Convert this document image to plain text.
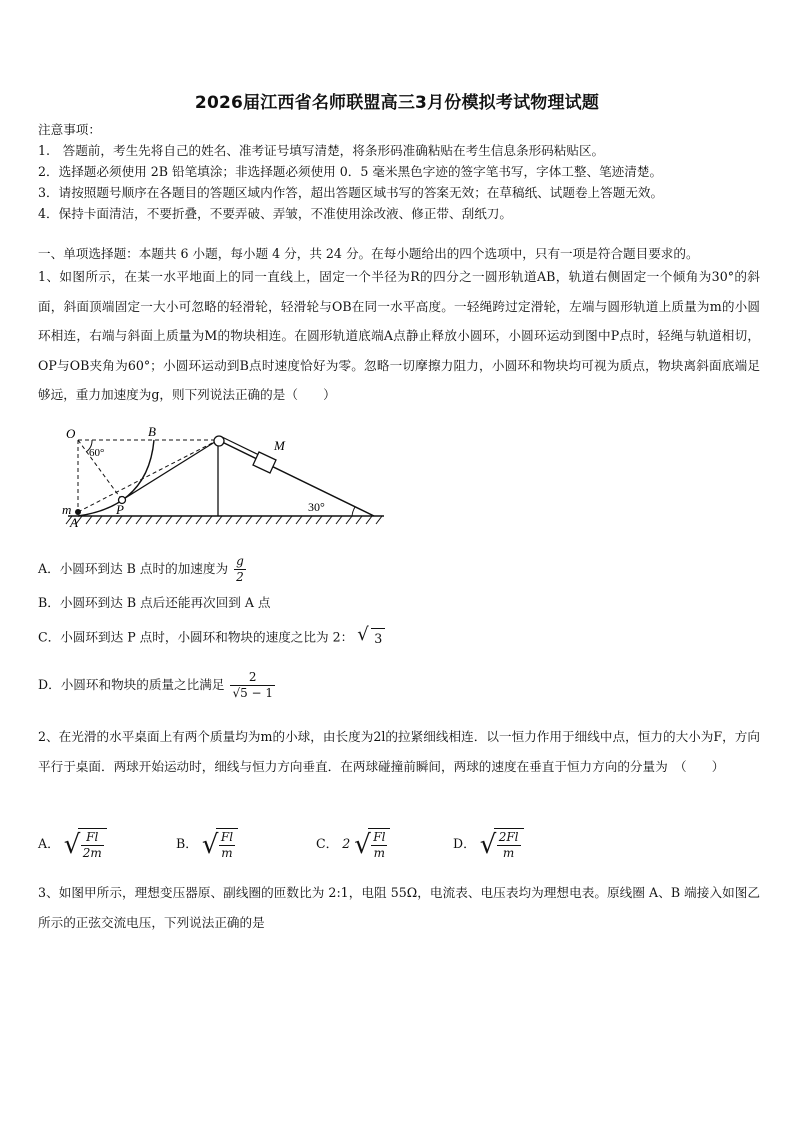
2026届江西省名师联盟高三3月份模拟考试物理试题
注意事项：
1.　答题前，考生先将自己的姓名、准考证号填写清楚，将条形码准确粘贴在考生信息条形码粘贴区。
2．选择题必须使用 2B 铅笔填涂；非选择题必须使用 0．5 毫米黑色字迹的签字笔书写，字体工整、笔迹清楚。
3．请按照题号顺序在各题目的答题区域内作答，超出答题区域书写的答案无效；在草稿纸、试题卷上答题无效。
4．保持卡面清洁，不要折叠，不要弄破、弄皱，不准使用涂改液、修正带、刮纸刀。
一、单项选择题：本题共 6 小题，每小题 4 分，共 24 分。在每小题给出的四个选项中，只有一项是符合题目要求的。

1、如图所示，在某一水平地面上的同一直线上，固定一个半径为R的四分之一圆形轨道AB，轨道右侧固定一个倾角为30°的斜面，斜面顶端固定一大小可忽略的轻滑轮，轻滑轮与OB在同一水平高度。一轻绳跨过定滑轮，左端与圆形轨道上质量为m的小圆环相连，右端与斜面上质量为M的物块相连。在圆形轨道底端A点静止释放小圆环，小圆环运动到图中P点时，轻绳与轨道相切，OP与OB夹角为60°；小圆环运动到B点时速度恰好为零。忽略一切摩擦力阻力，小圆环和物块均可视为质点，物块离斜面底端足够远，重力加速度为g，则下列说法正确的是（　　）

O	B
M
60°
30°
m
A
P
A．小圆环到达 B 点时的加速度为 $\frac{g}{2}$
B．小圆环到达 B 点后还能再次回到 A 点
C．小圆环到达 P 点时，小圆环和物块的速度之比为 2： √ 3
D．小圆环和物块的质量之比满足 $\frac{2}{√5 - 1}$

2、在光滑的水平桌面上有两个质量均为m的小球，由长度为2l的拉紧细线相连．以一恒力作用于细线中点，恒力的大小为F，方向平行于桌面．两球开始运动时，细线与恒力方向垂直．在两球碰撞前瞬间，两球的速度在垂直于恒力方向的分量为　（　　）

A． √ $\frac{Fl}{2m}$	B． √ $\frac{Fl}{m}$	C． 2 √ $\frac{Fl}{m}$	D． √ $\frac{2Fl}{m}$

3、如图甲所示，理想变压器原、副线圈的匝数比为 2:1，电阻 55Ω，电流表、电压表均为理想电表。原线圈 A、B 端接入如图乙所示的正弦交流电压，下列说法正确的是
